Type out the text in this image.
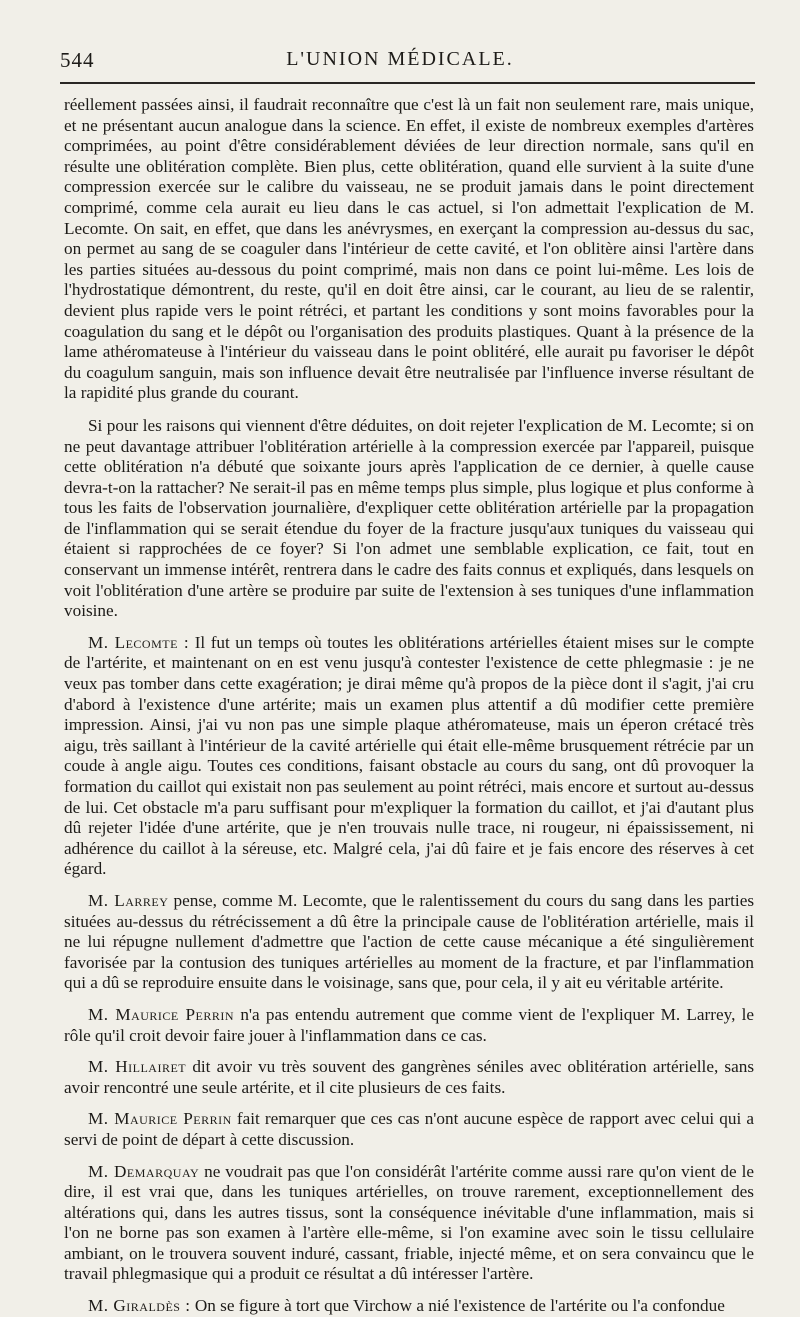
544	L'UNION MÉDICALE.

réellement passées ainsi, il faudrait reconnaître que c'est là un fait non seulement rare, mais unique, et ne présentant aucun analogue dans la science. En effet, il existe de nombreux exemples d'artères comprimées, au point d'être considérablement déviées de leur direction normale, sans qu'il en résulte une oblitération complète. Bien plus, cette oblitération, quand elle survient à la suite d'une compression exercée sur le calibre du vaisseau, ne se produit jamais dans le point directement comprimé, comme cela aurait eu lieu dans le cas actuel, si l'on admettait l'explication de M. Lecomte. On sait, en effet, que dans les anévrysmes, en exerçant la compression au-dessus du sac, on permet au sang de se coaguler dans l'intérieur de cette cavité, et l'on oblitère ainsi l'artère dans les parties situées au-dessous du point comprimé, mais non dans ce point lui-même. Les lois de l'hydrostatique démontrent, du reste, qu'il en doit être ainsi, car le courant, au lieu de se ralentir, devient plus rapide vers le point rétréci, et partant les conditions y sont moins favorables pour la coagulation du sang et le dépôt ou l'organisation des produits plastiques. Quant à la présence de la lame athéromateuse à l'intérieur du vaisseau dans le point oblitéré, elle aurait pu favoriser le dépôt du coagulum sanguin, mais son influence devait être neutralisée par l'influence inverse résultant de la rapidité plus grande du courant.

Si pour les raisons qui viennent d'être déduites, on doit rejeter l'explication de M. Lecomte; si on ne peut davantage attribuer l'oblitération artérielle à la compression exercée par l'appareil, puisque cette oblitération n'a débuté que soixante jours après l'application de ce dernier, à quelle cause devra-t-on la rattacher? Ne serait-il pas en même temps plus simple, plus logique et plus conforme à tous les faits de l'observation journalière, d'expliquer cette oblitération artérielle par la propagation de l'inflammation qui se serait étendue du foyer de la fracture jusqu'aux tuniques du vaisseau qui étaient si rapprochées de ce foyer? Si l'on admet une semblable explication, ce fait, tout en conservant un immense intérêt, rentrera dans le cadre des faits connus et expliqués, dans lesquels on voit l'oblitération d'une artère se produire par suite de l'extension à ses tuniques d'une inflammation voisine.

M. Lecomte : Il fut un temps où toutes les oblitérations artérielles étaient mises sur le compte de l'artérite, et maintenant on en est venu jusqu'à contester l'existence de cette phlegmasie : je ne veux pas tomber dans cette exagération; je dirai même qu'à propos de la pièce dont il s'agit, j'ai cru d'abord à l'existence d'une artérite; mais un examen plus attentif a dû modifier cette première impression. Ainsi, j'ai vu non pas une simple plaque athéromateuse, mais un éperon crétacé très aigu, très saillant à l'intérieur de la cavité artérielle qui était elle-même brusquement rétrécie par un coude à angle aigu. Toutes ces conditions, faisant obstacle au cours du sang, ont dû provoquer la formation du caillot qui existait non pas seulement au point rétréci, mais encore et surtout au-dessus de lui. Cet obstacle m'a paru suffisant pour m'expliquer la formation du caillot, et j'ai d'autant plus dû rejeter l'idée d'une artérite, que je n'en trouvais nulle trace, ni rougeur, ni épaississement, ni adhérence du caillot à la séreuse, etc. Malgré cela, j'ai dû faire et je fais encore des réserves à cet égard.

M. Larrey pense, comme M. Lecomte, que le ralentissement du cours du sang dans les parties situées au-dessus du rétrécissement a dû être la principale cause de l'oblitération artérielle, mais il ne lui répugne nullement d'admettre que l'action de cette cause mécanique a été singulièrement favorisée par la contusion des tuniques artérielles au moment de la fracture, et par l'inflammation qui a dû se reproduire ensuite dans le voisinage, sans que, pour cela, il y ait eu véritable artérite.

M. Maurice Perrin n'a pas entendu autrement que comme vient de l'expliquer M. Larrey, le rôle qu'il croit devoir faire jouer à l'inflammation dans ce cas.

M. Hillairet dit avoir vu très souvent des gangrènes séniles avec oblitération artérielle, sans avoir rencontré une seule artérite, et il cite plusieurs de ces faits.

M. Maurice Perrin fait remarquer que ces cas n'ont aucune espèce de rapport avec celui qui a servi de point de départ à cette discussion.

M. Demarquay ne voudrait pas que l'on considérât l'artérite comme aussi rare qu'on vient de le dire, il est vrai que, dans les tuniques artérielles, on trouve rarement, exceptionnellement des altérations qui, dans les autres tissus, sont la conséquence inévitable d'une inflammation, mais si l'on ne borne pas son examen à l'artère elle-même, si l'on examine avec soin le tissu cellulaire ambiant, on le trouvera souvent induré, cassant, friable, injecté même, et on sera convaincu que le travail phlegmasique qui a produit ce résultat a dû intéresser l'artère.

M. Giraldès : On se figure à tort que Virchow a nié l'existence de l'artérite ou l'a confondue
